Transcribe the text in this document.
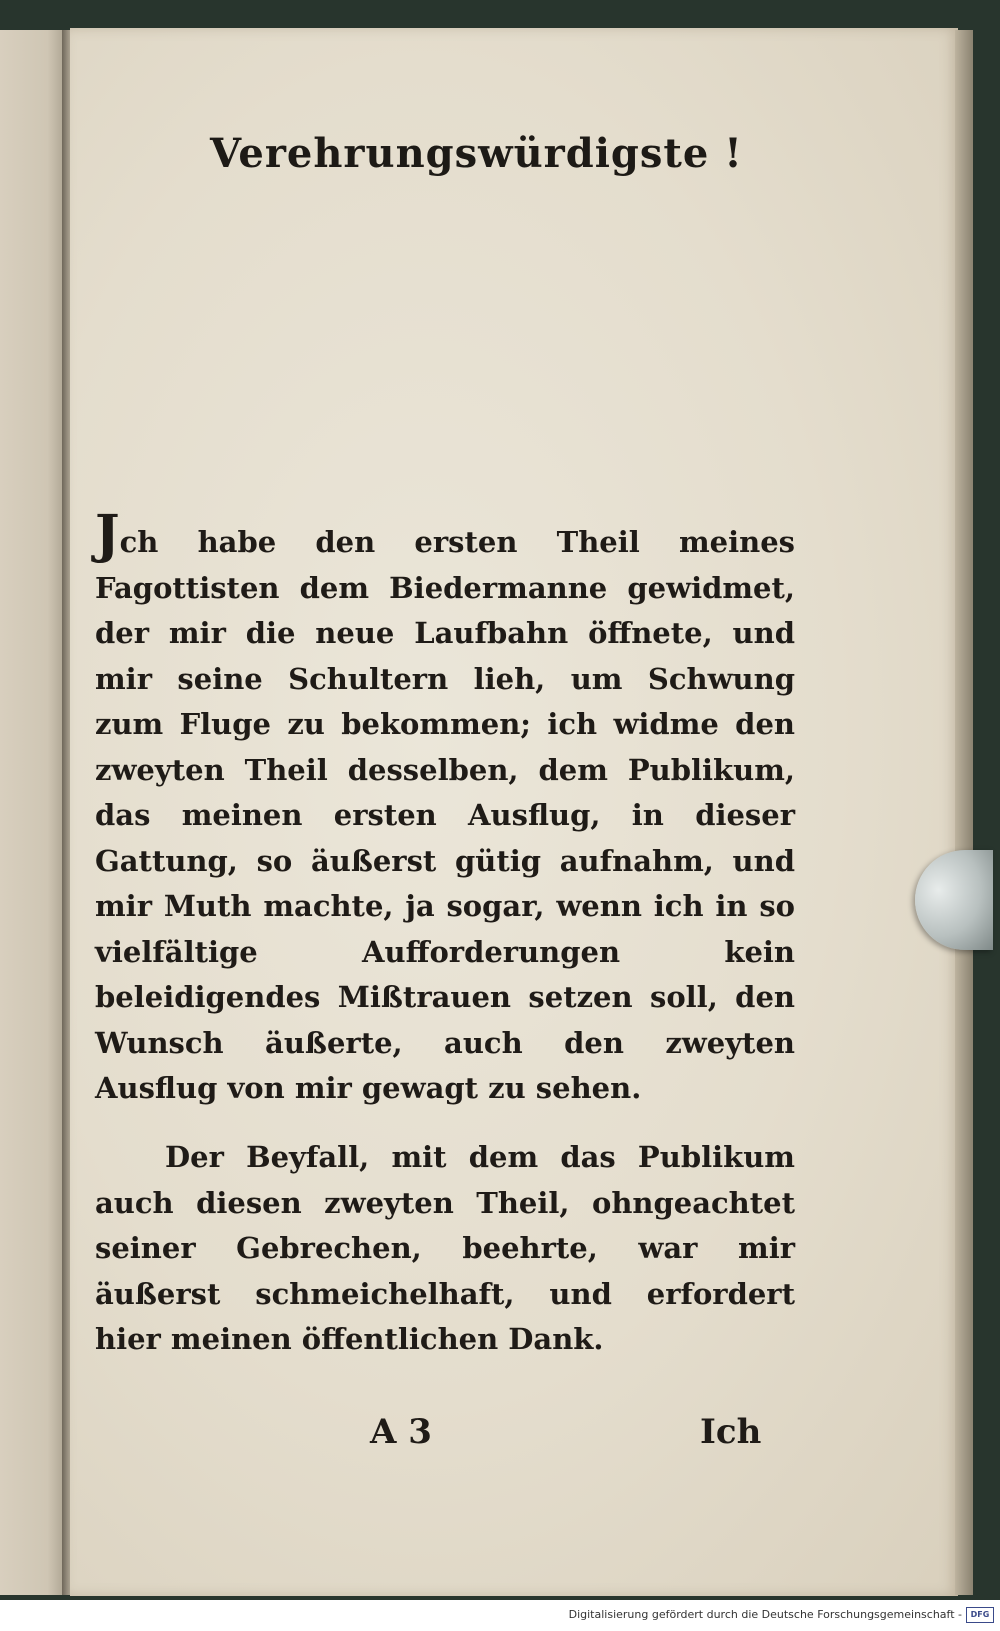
Verehrungswürdigste !

Jch habe den ersten Theil meines Fagottisten dem Biedermanne gewidmet, der mir die neue Laufbahn öffnete, und mir seine Schultern lieh, um Schwung zum Fluge zu bekommen; ich widme den zweyten Theil desselben, dem Publikum, das meinen ersten Ausflug, in dieser Gattung, so äußerst gütig aufnahm, und mir Muth machte, ja sogar, wenn ich in so vielfältige Aufforderungen kein beleidigendes Mißtrauen setzen soll, den Wunsch äußerte, auch den zweyten Ausflug von mir gewagt zu sehen.

Der Beyfall, mit dem das Publikum auch diesen zweyten Theil, ohngeachtet seiner Gebrechen, beehrte, war mir äußerst schmeichelhaft, und erfordert hier meinen öffentlichen Dank.

A 3	Ich
Digitalisierung gefördert durch die Deutsche Forschungsgemeinschaft -	DFG
